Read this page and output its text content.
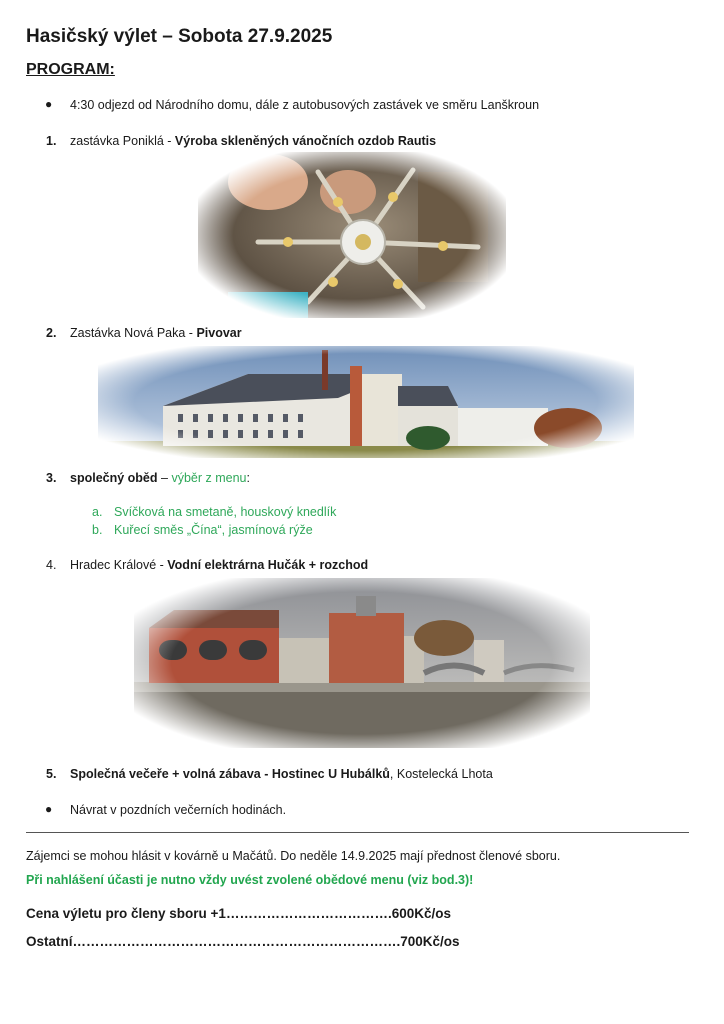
Hasičský výlet – Sobota 27.9.2025
PROGRAM:
● 4:30 odjezd od Národního domu, dále z autobusových zastávek ve směru Lanškroun
1. zastávka Poniklá - Výroba skleněných vánočních ozdob Rautis
2. Zastávka Nová Paka - Pivovar
3. společný oběd – výběr z menu:
a. Svíčková na smetaně, houskový knedlík
b. Kuřecí směs „Čína“, jasmínová rýže
4. Hradec Králové - Vodní elektrárna Hučák + rozchod
5. Společná večeře + volná zábava - Hostinec U Hubálků, Kostelecká Lhota
● Návrat v pozdních večerních hodinách.
Zájemci se mohou hlásit v kovárně u Mačátů. Do neděle 14.9.2025 mají přednost členové sboru.
Při nahlášení účasti je nutno vždy uvést zvolené obědové menu (viz bod.3)!
Cena výletu pro členy sboru +1……………………………….600Kč/os
Ostatní……………………………………………………………….700Kč/os
